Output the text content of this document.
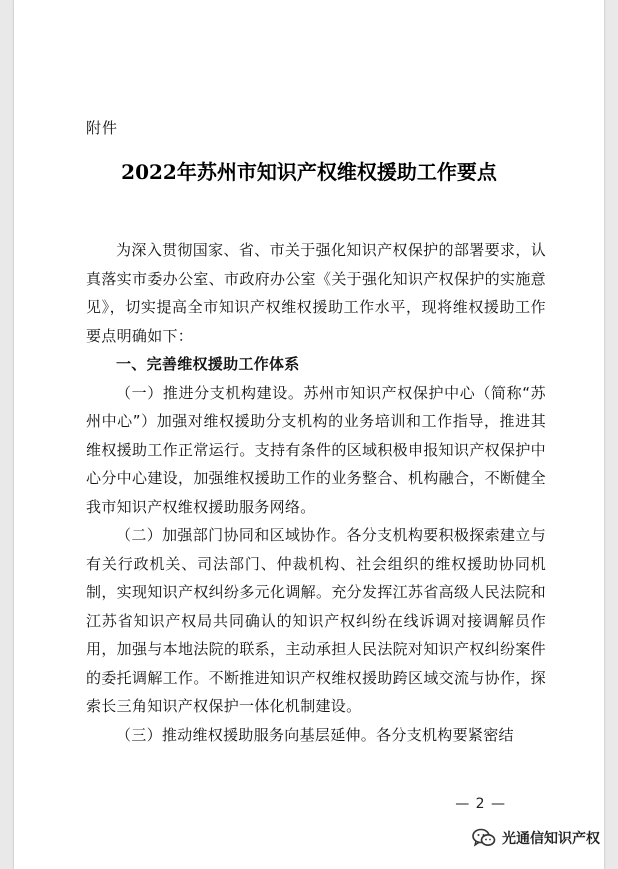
附件
2022年苏州市知识产权维权援助工作要点

为深入贯彻国家、省、市关于强化知识产权保护的部署要求，认真落实市委办公室、市政府办公室《关于强化知识产权保护的实施意见》，切实提高全市知识产权维权援助工作水平，现将维权援助工作要点明确如下：

一、完善维权援助工作体系

（一）推进分支机构建设。苏州市知识产权保护中心（简称“苏州中心”）加强对维权援助分支机构的业务培训和工作指导，推进其维权援助工作正常运行。支持有条件的区域积极申报知识产权保护中心分中心建设，加强维权援助工作的业务整合、机构融合，不断健全我市知识产权维权援助服务网络。

（二）加强部门协同和区域协作。各分支机构要积极探索建立与有关行政机关、司法部门、仲裁机构、社会组织的维权援助协同机制，实现知识产权纠纷多元化调解。充分发挥江苏省高级人民法院和江苏省知识产权局共同确认的知识产权纠纷在线诉调对接调解员作用，加强与本地法院的联系，主动承担人民法院对知识产权纠纷案件的委托调解工作。不断推进知识产权维权援助跨区域交流与协作，探索长三角知识产权保护一体化机制建设。

（三）推动维权援助服务向基层延伸。各分支机构要紧密结

— 2 —
光通信知识产权
